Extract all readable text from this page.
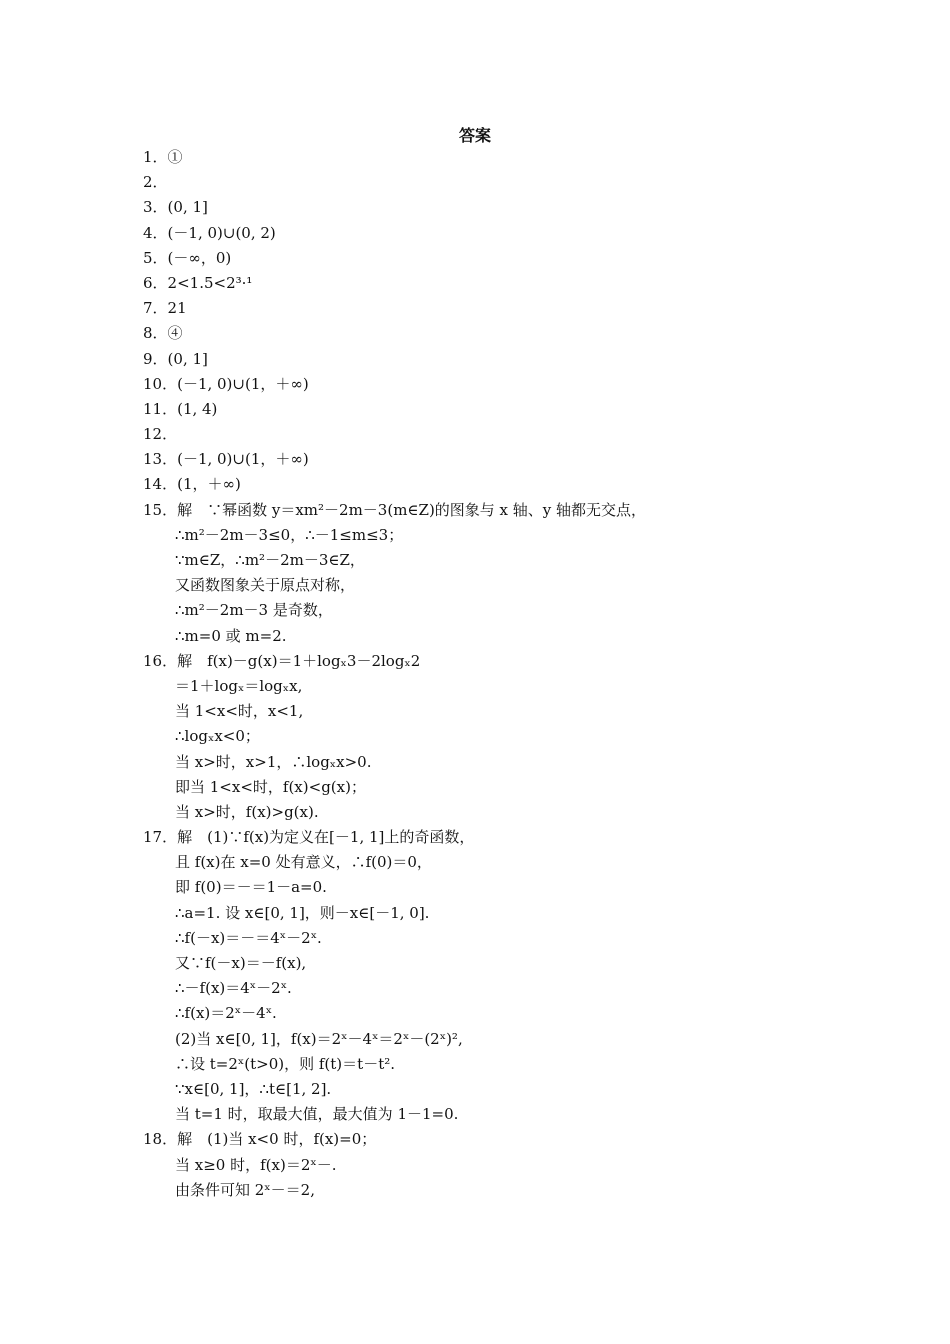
答案
1．①
2．
3．(0, 1]
4．(－1, 0)∪(0, 2)
5．(－∞，0)
6．2<1.5<2³·¹
7．21
8．④
9．(0, 1]
10．(－1, 0)∪(1，＋∞)
11．(1, 4)
12．
13．(－1, 0)∪(1，＋∞)
14．(1，＋∞)
15．解　∵幂函数 y＝xm²－2m－3(m∈Z)的图象与 x 轴、y 轴都无交点，
∴m²－2m－3≤0，∴－1≤m≤3；
∵m∈Z，∴m²－2m－3∈Z，
又函数图象关于原点对称，
∴m²－2m－3 是奇数，
∴m=0 或 m=2.
16．解　f(x)－g(x)＝1＋logₓ3－2logₓ2
＝1＋logₓ＝logₓx,
当 1<x<时，x<1,
∴logₓx<0；
当 x>时，x>1，∴logₓx>0.
即当 1<x<时，f(x)<g(x)；
当 x>时，f(x)>g(x).
17．解　(1)∵f(x)为定义在[－1, 1]上的奇函数，
且 f(x)在 x=0 处有意义，∴f(0)＝0，
即 f(0)＝－＝1－a=0.
∴a=1. 设 x∈[0, 1]，则－x∈[－1, 0].
∴f(－x)＝－＝4ˣ－2ˣ.
又∵f(－x)＝－f(x),
∴－f(x)＝4ˣ－2ˣ.
∴f(x)＝2ˣ－4ˣ.
(2)当 x∈[0, 1]，f(x)＝2ˣ－4ˣ＝2ˣ－(2ˣ)²,
∴设 t=2ˣ(t>0)，则 f(t)＝t－t².
∵x∈[0, 1]，∴t∈[1, 2].
当 t=1 时，取最大值，最大值为 1－1=0.
18．解　(1)当 x<0 时，f(x)=0；
当 x≥0 时，f(x)＝2ˣ－.
由条件可知 2ˣ－＝2,
